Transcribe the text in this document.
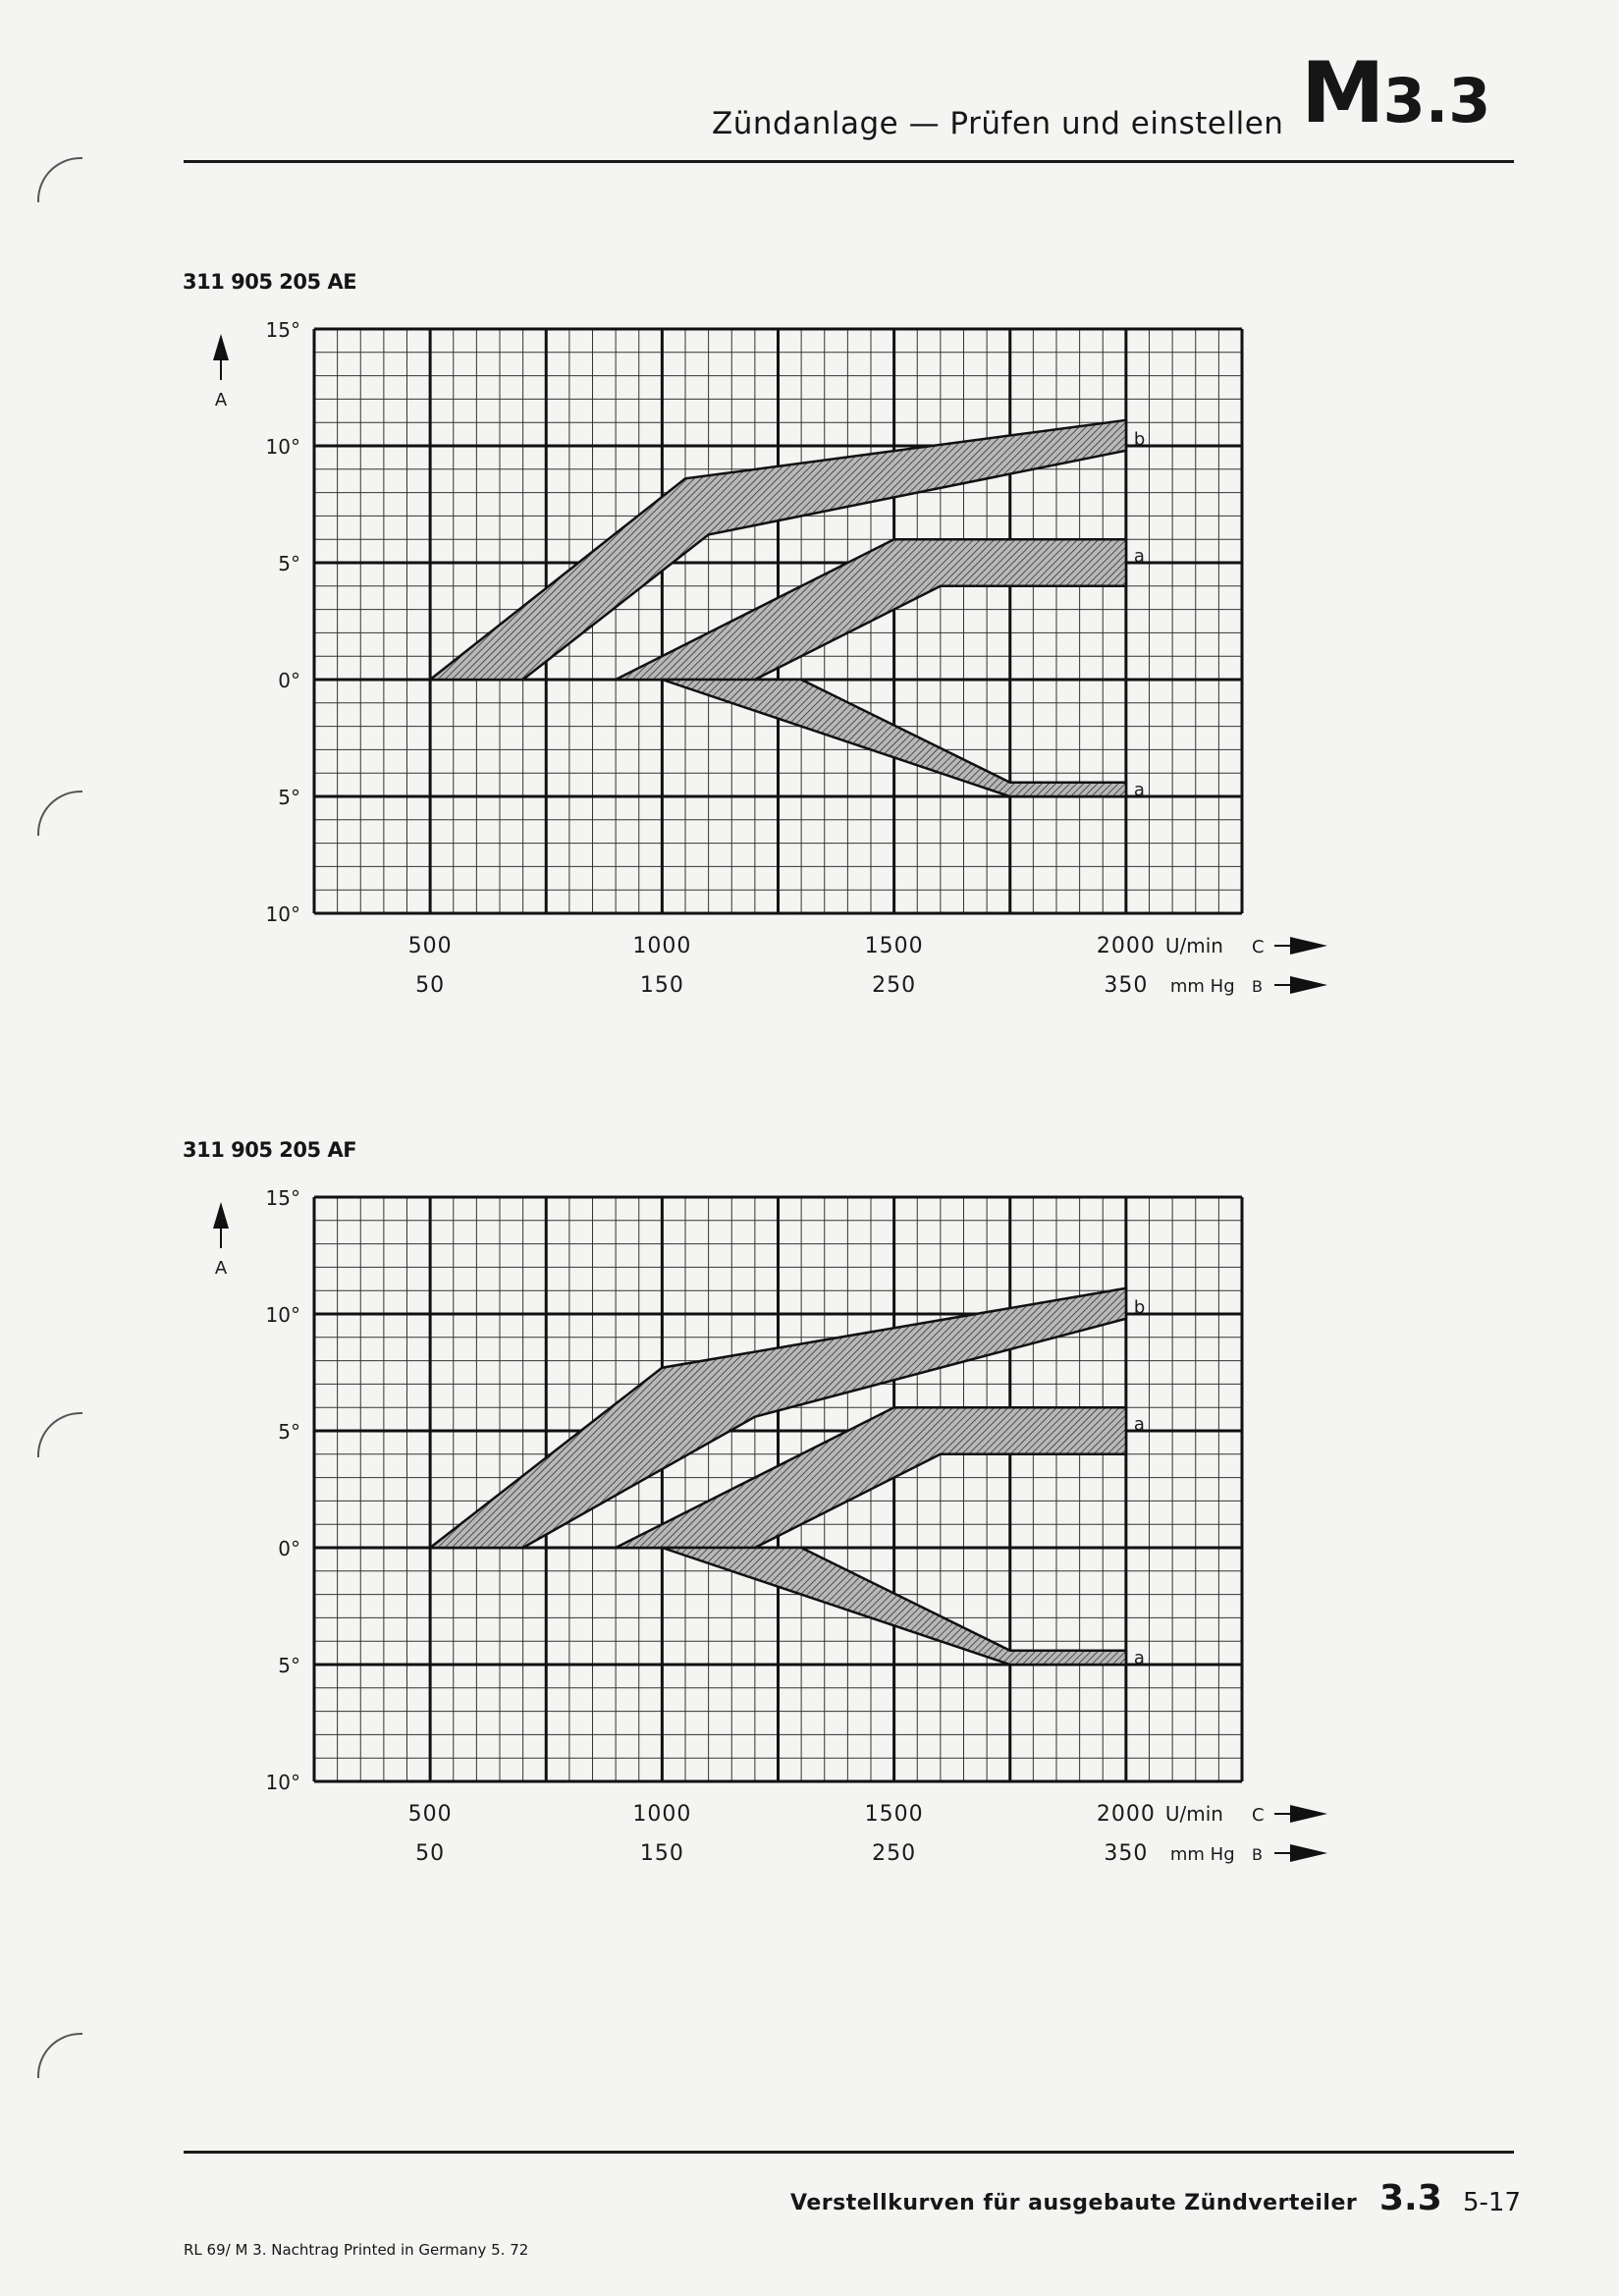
Zündanlage — Prüfen und einstellen M3.3
311 905 205 AE
b
a
a
15°
10°
5°
0°
5°
10°
A
500	1000	1500	2000
50	150	250	350
U/min
mm Hg
C
B
311 905 205 AF
b
a
a
15°
10°
5°
0°
5°
10°
A
500	1000	1500	2000
50	150	250	350
U/min
mm Hg
C
B
Verstellkurven für ausgebaute Zündverteiler 3.3 5-17
RL 69/ M 3. Nachtrag Printed in Germany 5. 72
